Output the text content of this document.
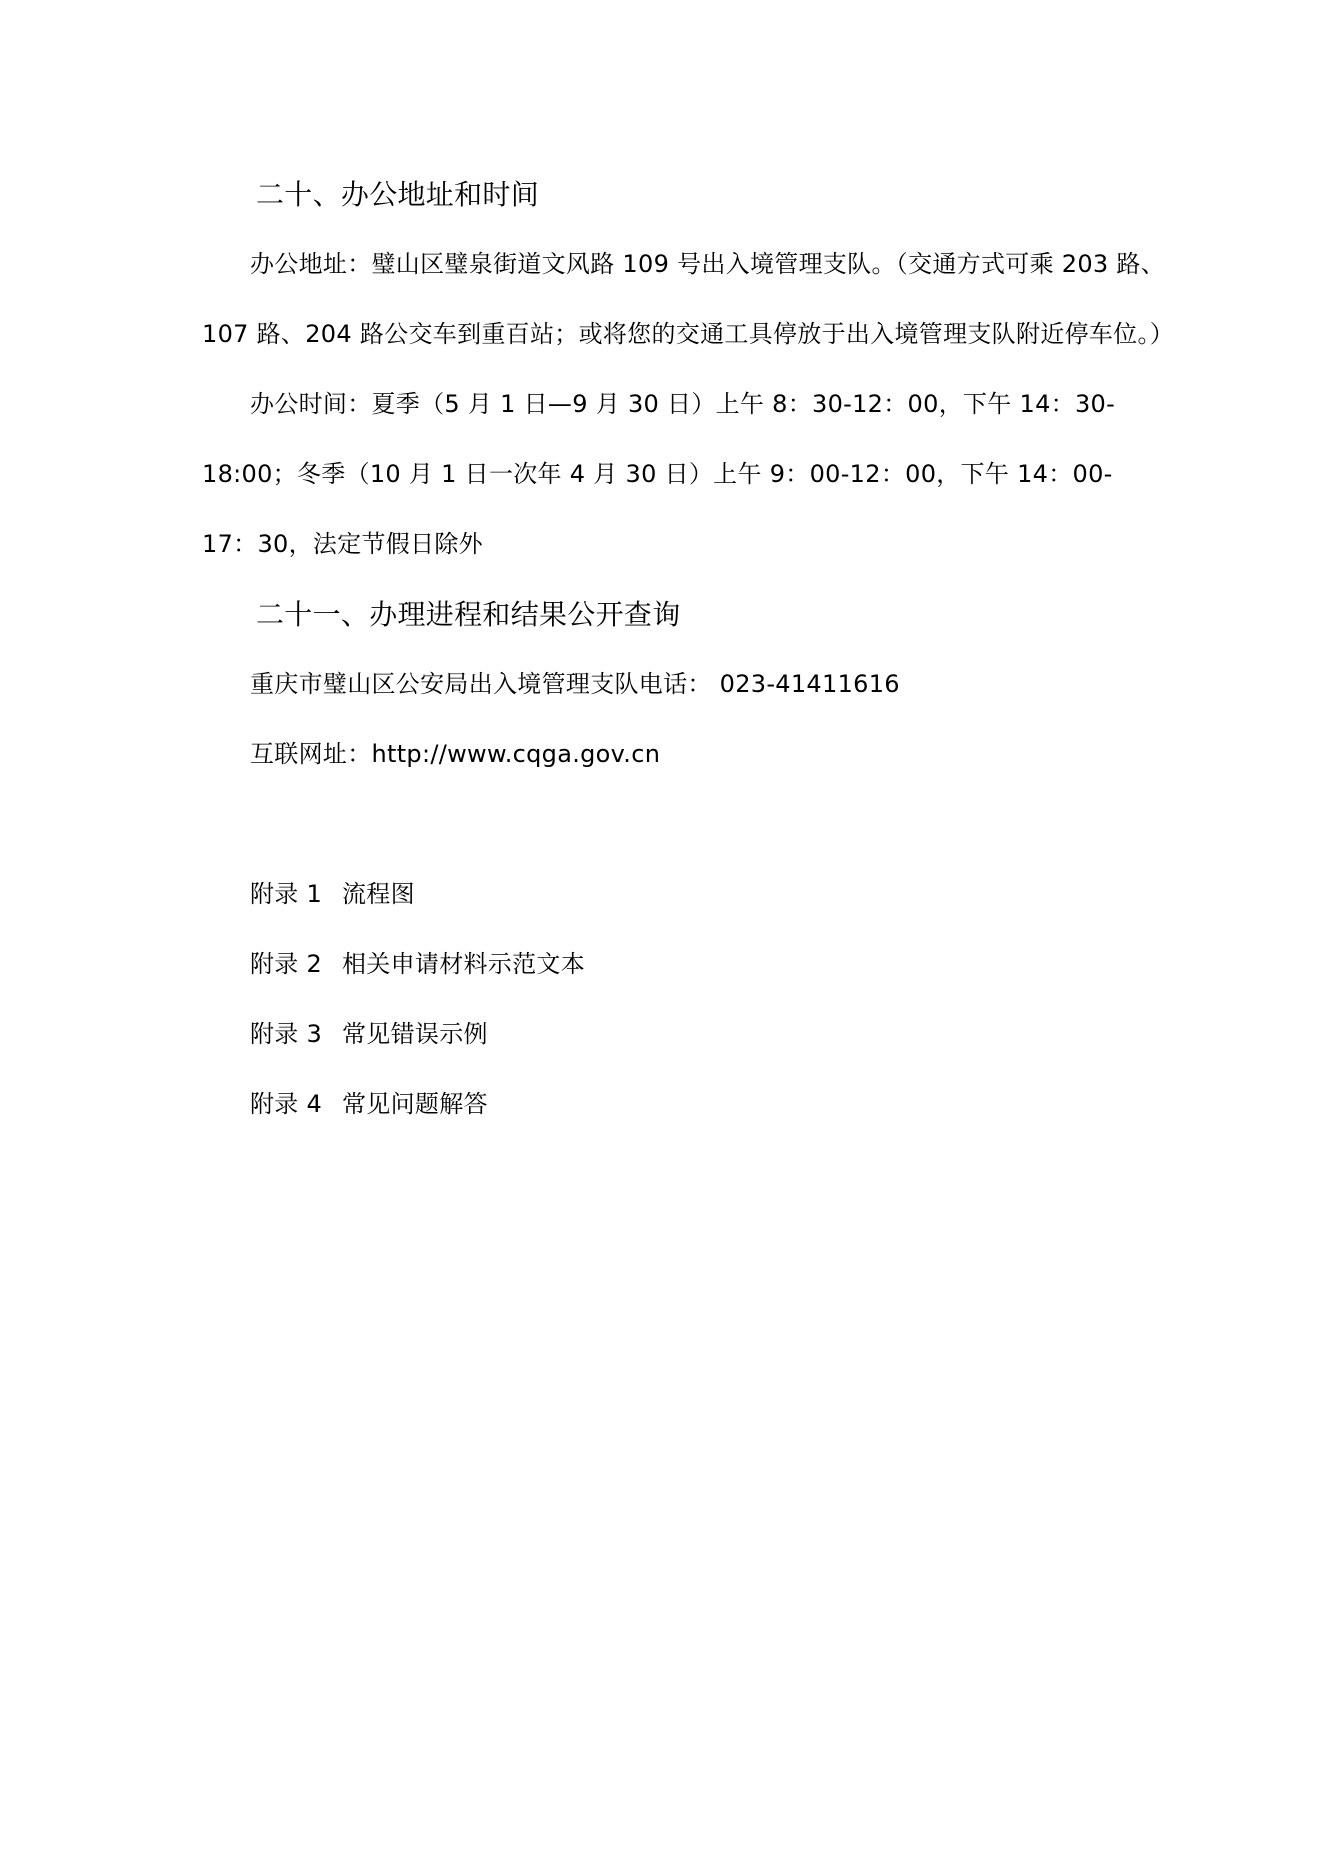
二十、办公地址和时间
办公地址：璧山区璧泉街道文风路 109 号出入境管理支队。（交通方式可乘 203 路、
107 路、204 路公交车到重百站；或将您的交通工具停放于出入境管理支队附近停车位。）
办公时间：夏季（5 月 1 日—9 月 30 日）上午 8：30-12：00，下午 14：30-
18:00；冬季（10 月 1 日一次年 4 月 30 日）上午 9：00-12：00，下午 14：00-
17：30，法定节假日除外
二十一、办理进程和结果公开查询
重庆市璧山区公安局出入境管理支队电话： 023-41411616
互联网址：http://www.cqga.gov.cn
附录 1 流程图
附录 2 相关申请材料示范文本
附录 3 常见错误示例
附录 4 常见问题解答
